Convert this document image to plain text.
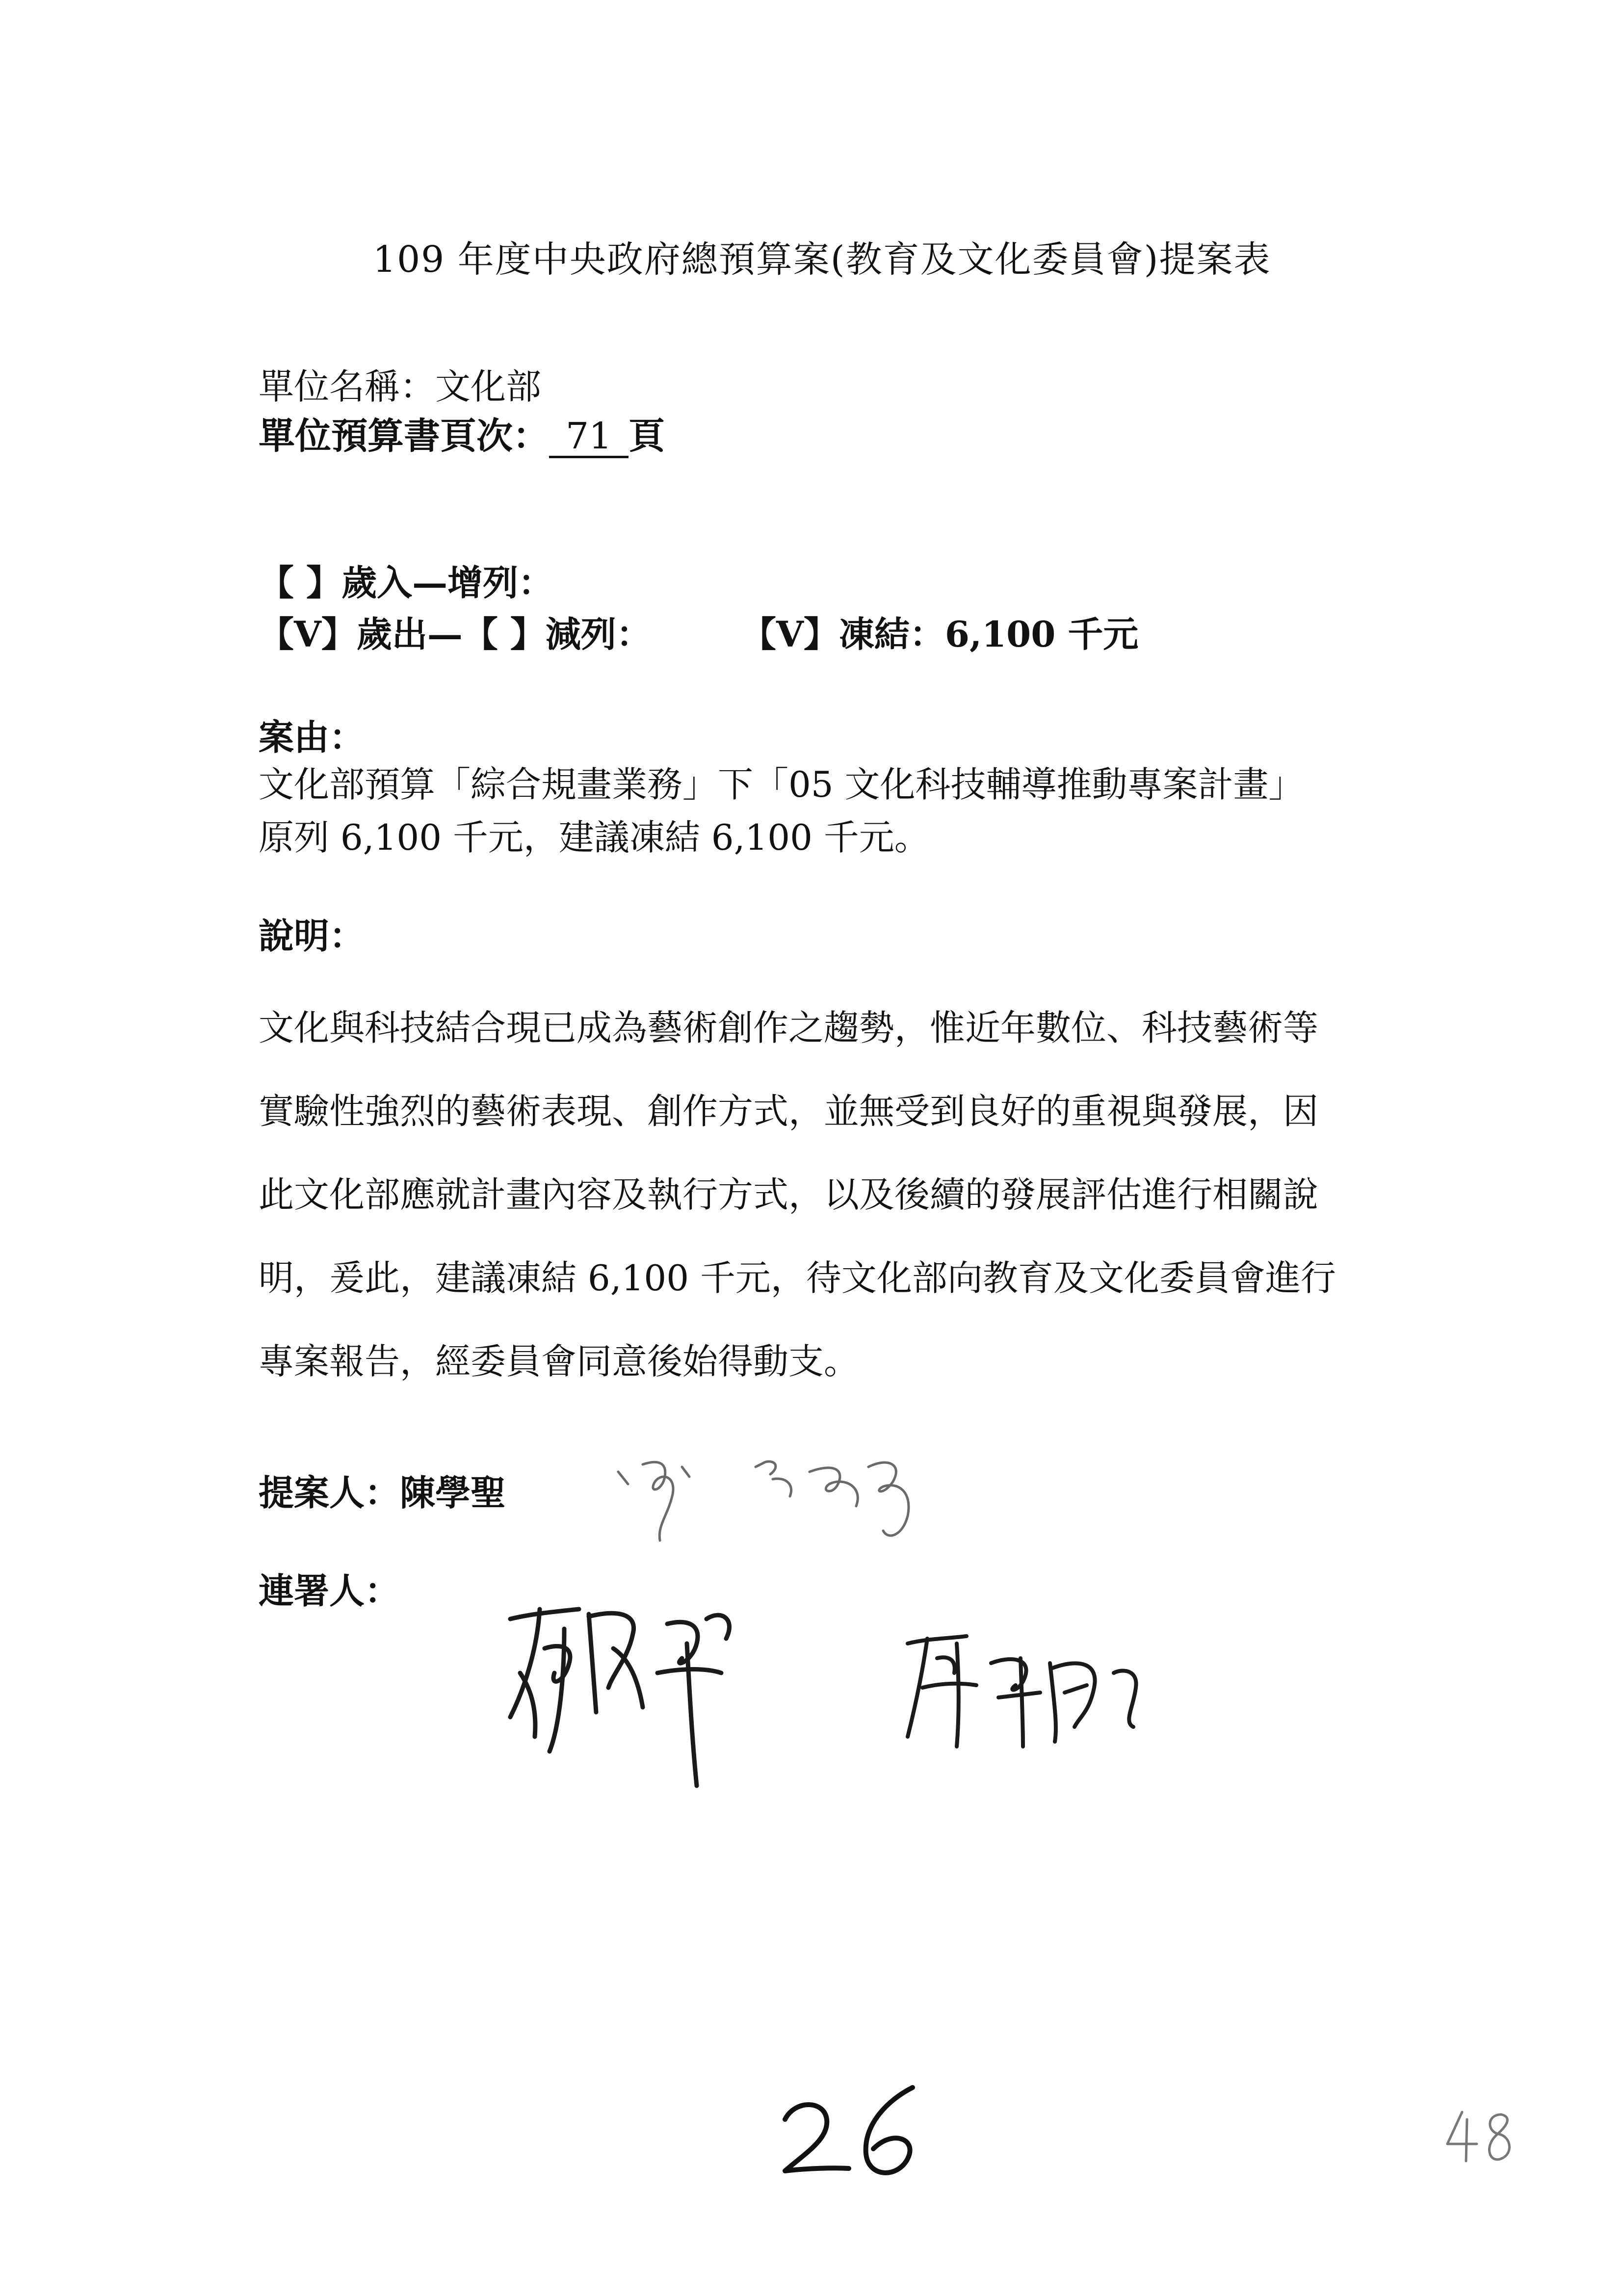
109 年度中央政府總預算案(教育及文化委員會)提案表
單位名稱：文化部
單位預算書頁次： 71 頁
【 】歲入—增列：
【V】歲出—【 】減列：	【V】凍結：6,100 千元
案由：
文化部預算「綜合規畫業務」下「05 文化科技輔導推動專案計畫」
原列 6,100 千元，建議凍結 6,100 千元。
說明：
文化與科技結合現已成為藝術創作之趨勢，惟近年數位、科技藝術等
實驗性強烈的藝術表現、創作方式，並無受到良好的重視與發展，因
此文化部應就計畫內容及執行方式，以及後續的發展評估進行相關說
明，爰此，建議凍結 6,100 千元，待文化部向教育及文化委員會進行
專案報告，經委員會同意後始得動支。
提案人：陳學聖
連署人：
